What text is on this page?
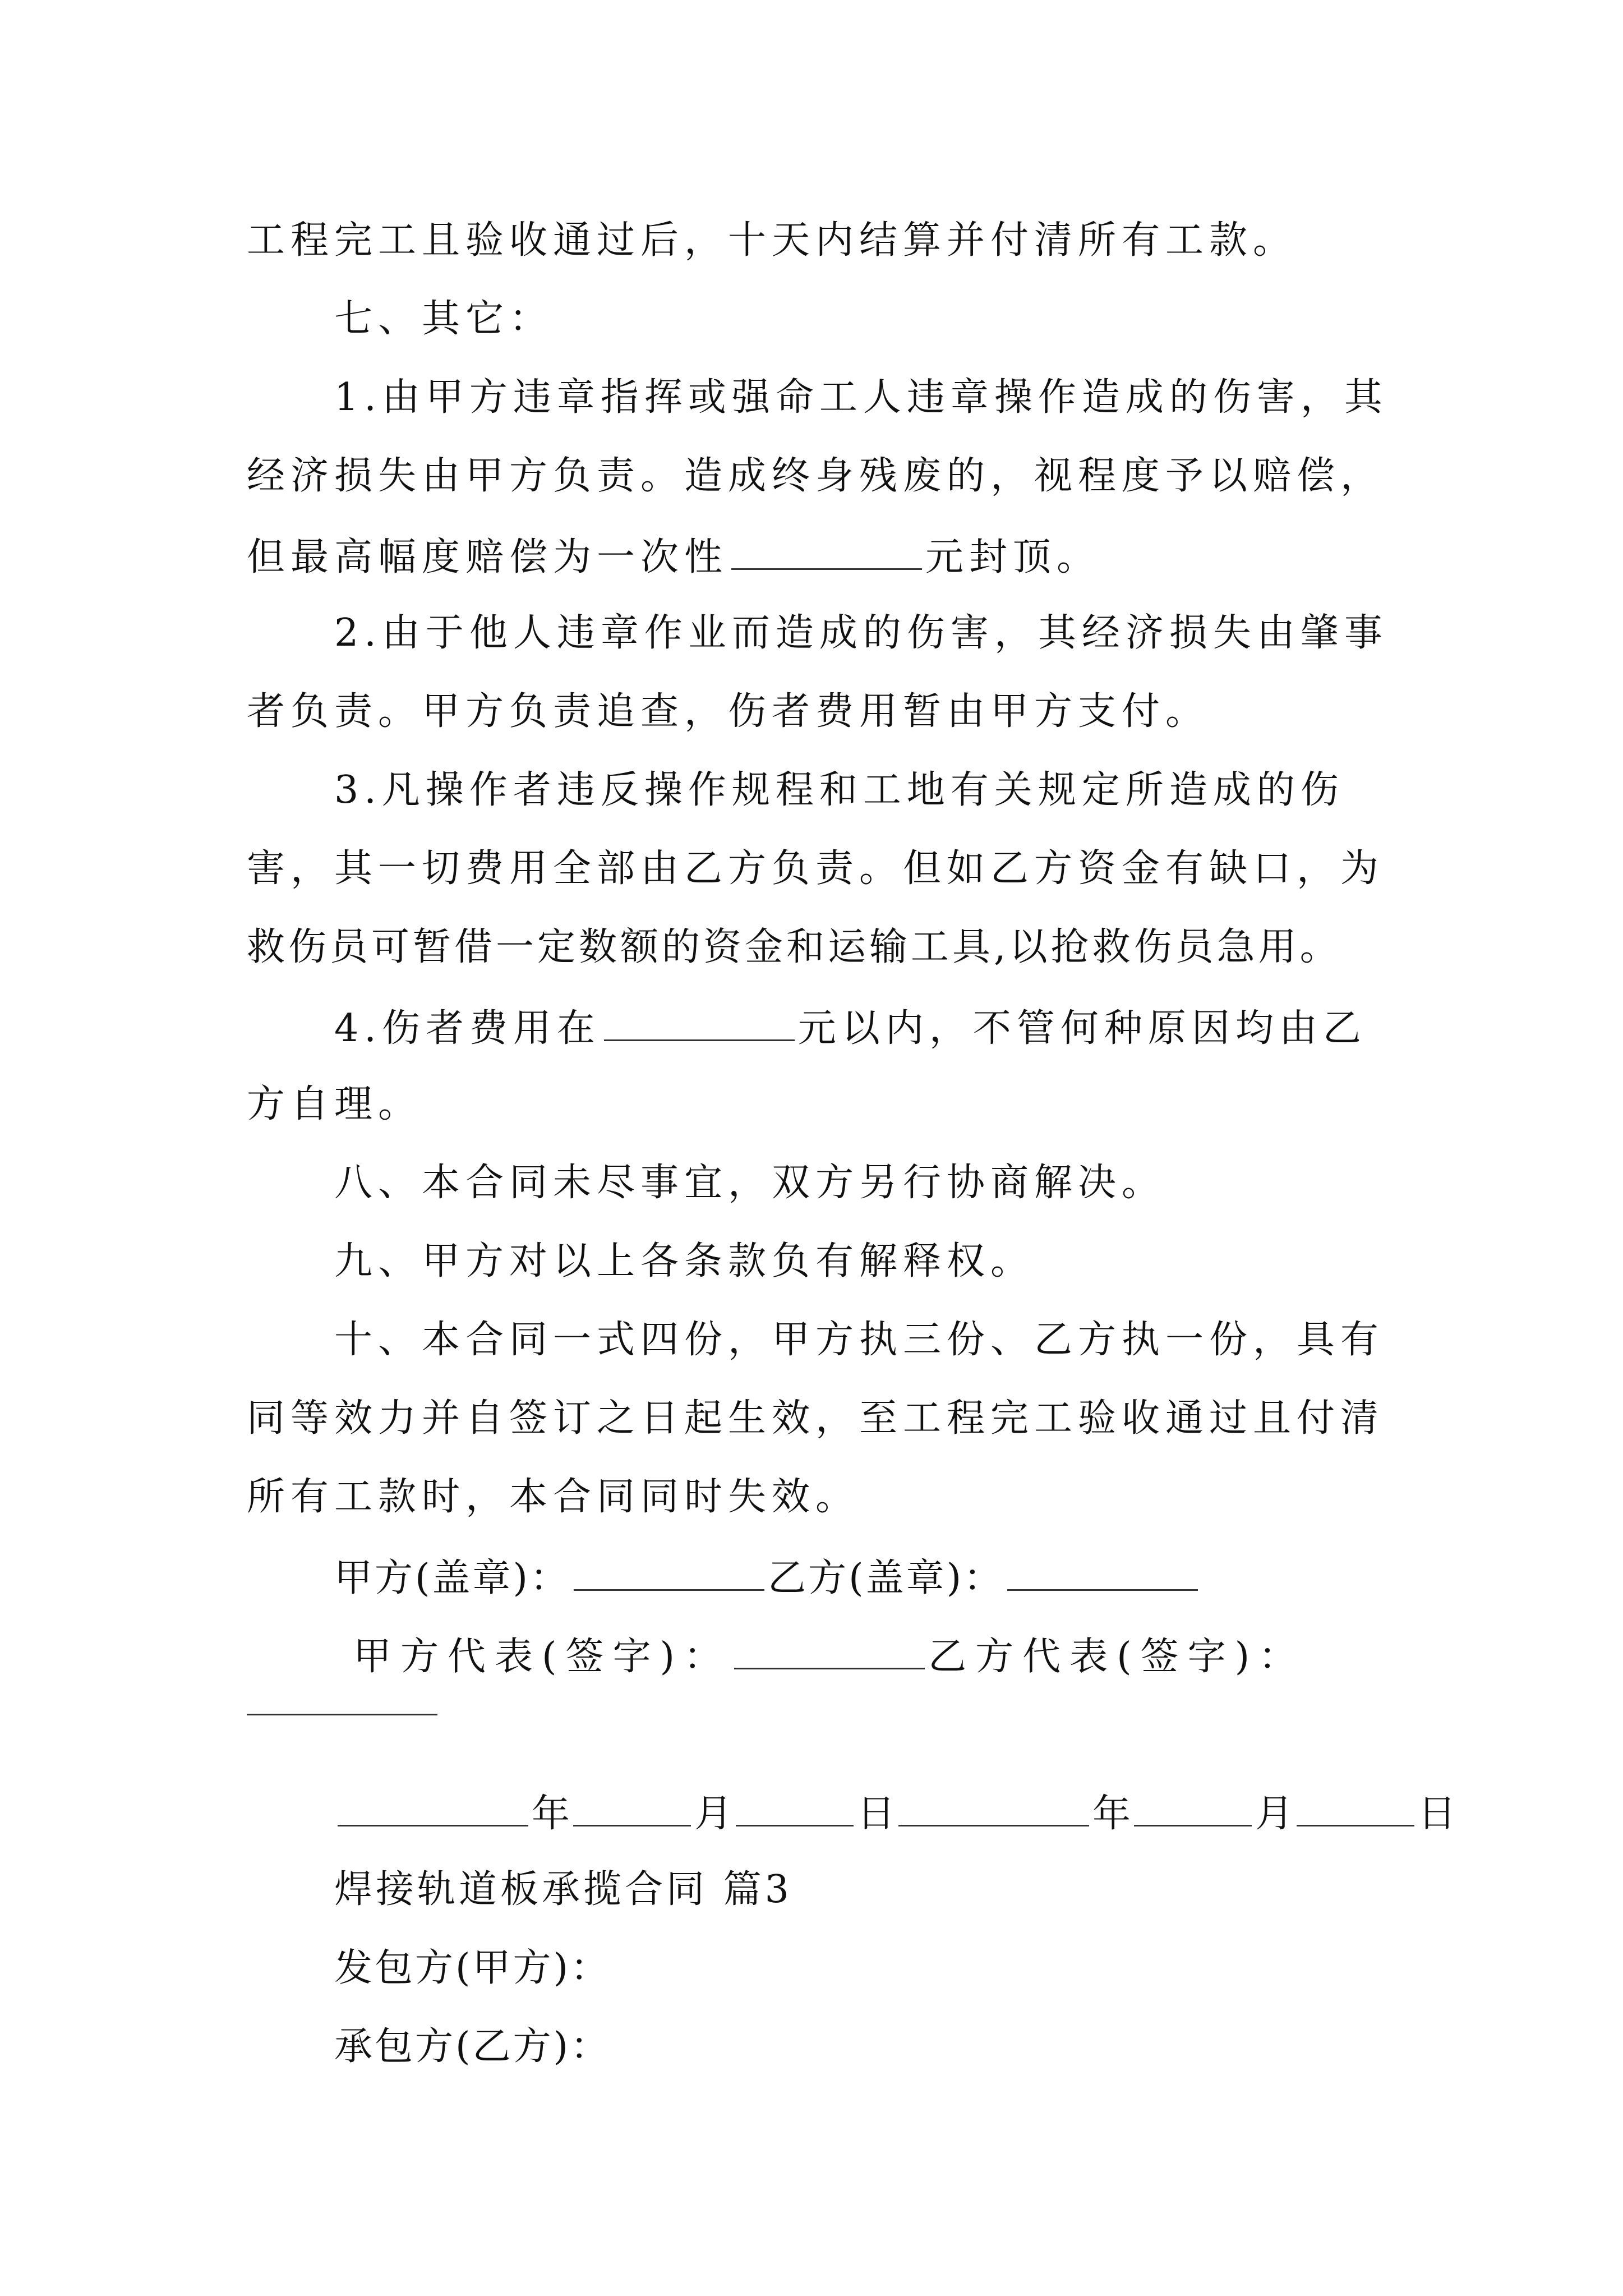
工程完工且验收通过后，十天内结算并付清所有工款。
七、其它：
1.由甲方违章指挥或强命工人违章操作造成的伤害，其
经济损失由甲方负责。造成终身残废的，视程度予以赔偿，
但最高幅度赔偿为一次性	元封顶。
2.由于他人违章作业而造成的伤害，其经济损失由肇事
者负责。甲方负责追查，伤者费用暂由甲方支付。
3.凡操作者违反操作规程和工地有关规定所造成的伤
害，其一切费用全部由乙方负责。但如乙方资金有缺口，为
救伤员可暂借一定数额的资金和运输工具,以抢救伤员急用。
4.伤者费用在	元以内，不管何种原因均由乙
方自理。
八、本合同未尽事宜，双方另行协商解决。
九、甲方对以上各条款负有解释权。
十、本合同一式四份，甲方执三份、乙方执一份，具有
同等效力并自签订之日起生效，至工程完工验收通过且付清
所有工款时，本合同同时失效。
甲方(盖章)：	乙方(盖章)：
甲方代表(签字)：	乙方代表(签字)：
年	月	日	年	月	日
焊接轨道板承揽合同 篇3
发包方(甲方)：
承包方(乙方)：
